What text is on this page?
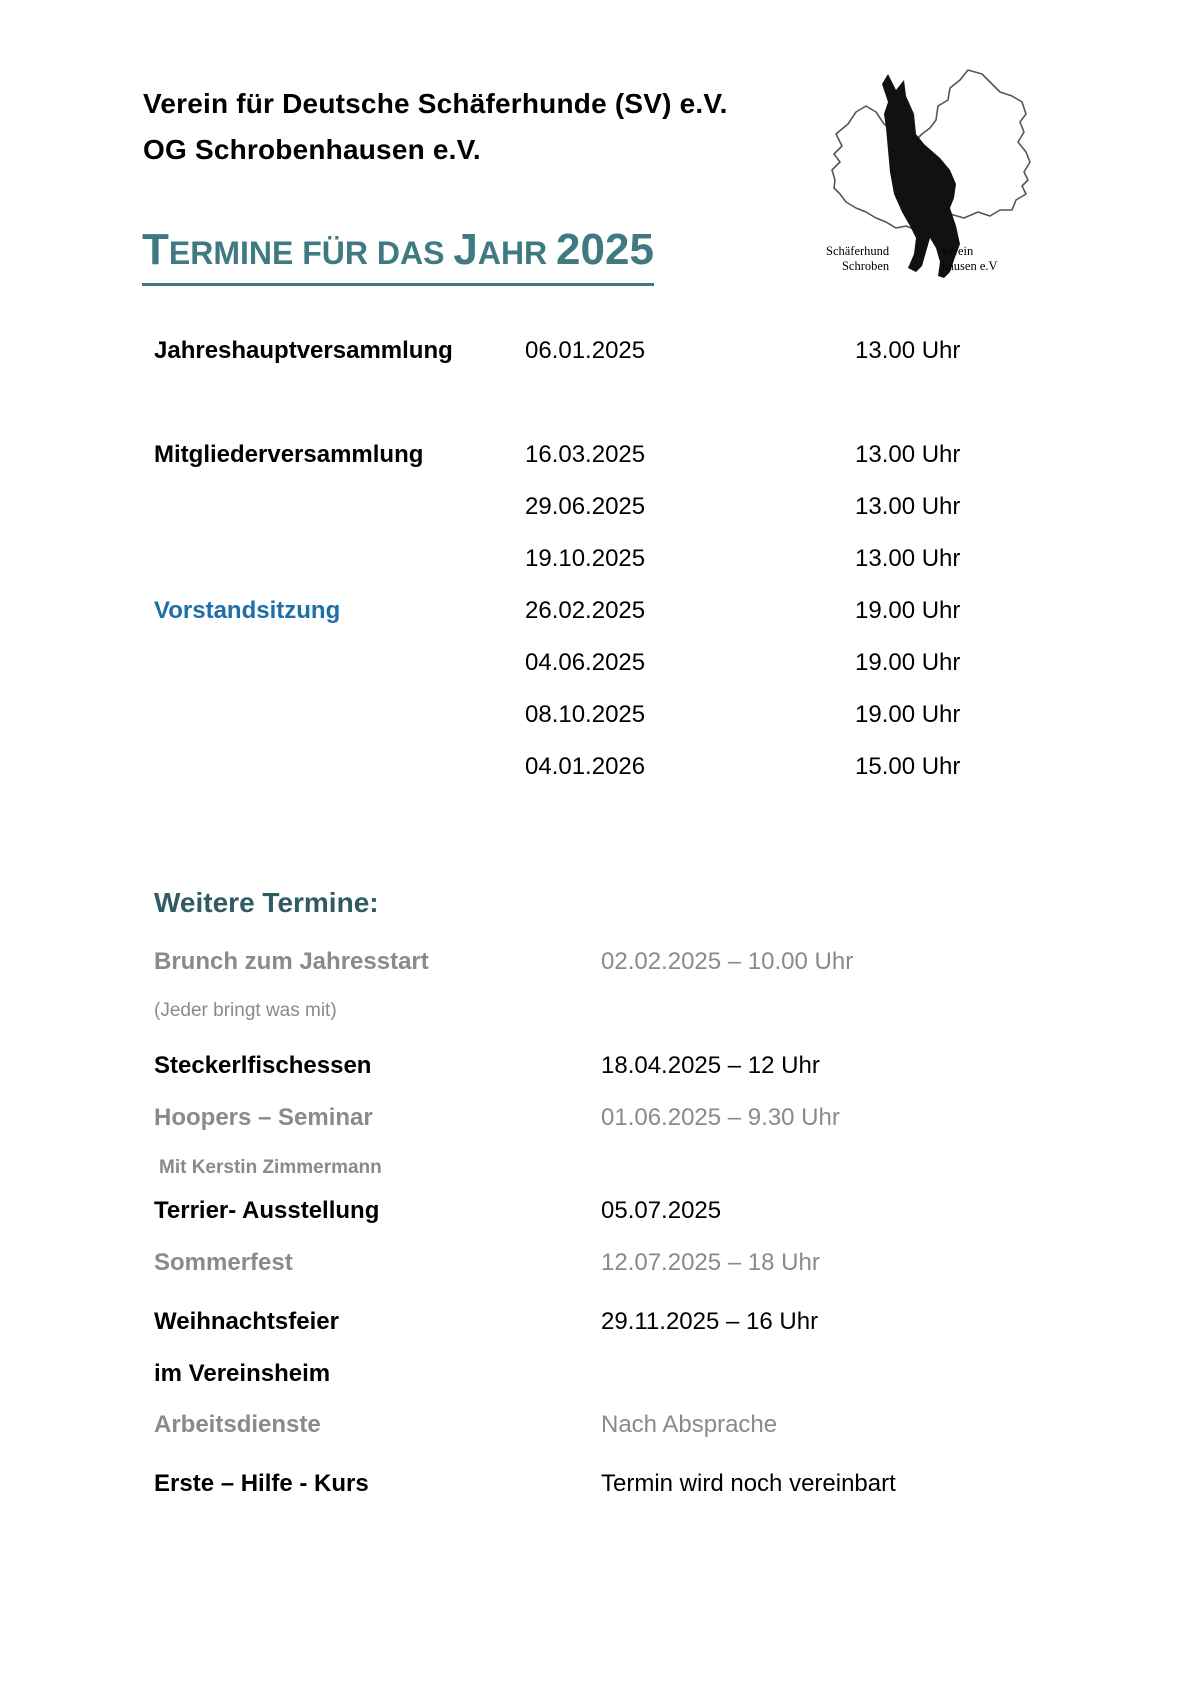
Verein für Deutsche Schäferhunde (SV) e.V.
OG Schrobenhausen e.V.
TERMINE FÜR DAS JAHR 2025	Schäferhund
Schroben
verein
hausen e.V
Jahreshauptversammlung	06.01.2025	13.00 Uhr
Mitgliederversammlung	16.03.2025	13.00 Uhr
29.06.2025	13.00 Uhr
19.10.2025	13.00 Uhr
Vorstandsitzung	26.02.2025	19.00 Uhr
04.06.2025	19.00 Uhr
08.10.2025	19.00 Uhr
04.01.2026	15.00 Uhr
Weitere Termine:
Brunch zum Jahresstart	02.02.2025 – 10.00 Uhr
(Jeder bringt was mit)
Steckerlfischessen	18.04.2025 – 12 Uhr
Hoopers – Seminar	01.06.2025 – 9.30 Uhr
Mit Kerstin Zimmermann
Terrier- Ausstellung	05.07.2025
Sommerfest	12.07.2025 – 18 Uhr
Weihnachtsfeier	29.11.2025 – 16 Uhr
im Vereinsheim
Arbeitsdienste	Nach Absprache
Erste – Hilfe - Kurs	Termin wird noch vereinbart
